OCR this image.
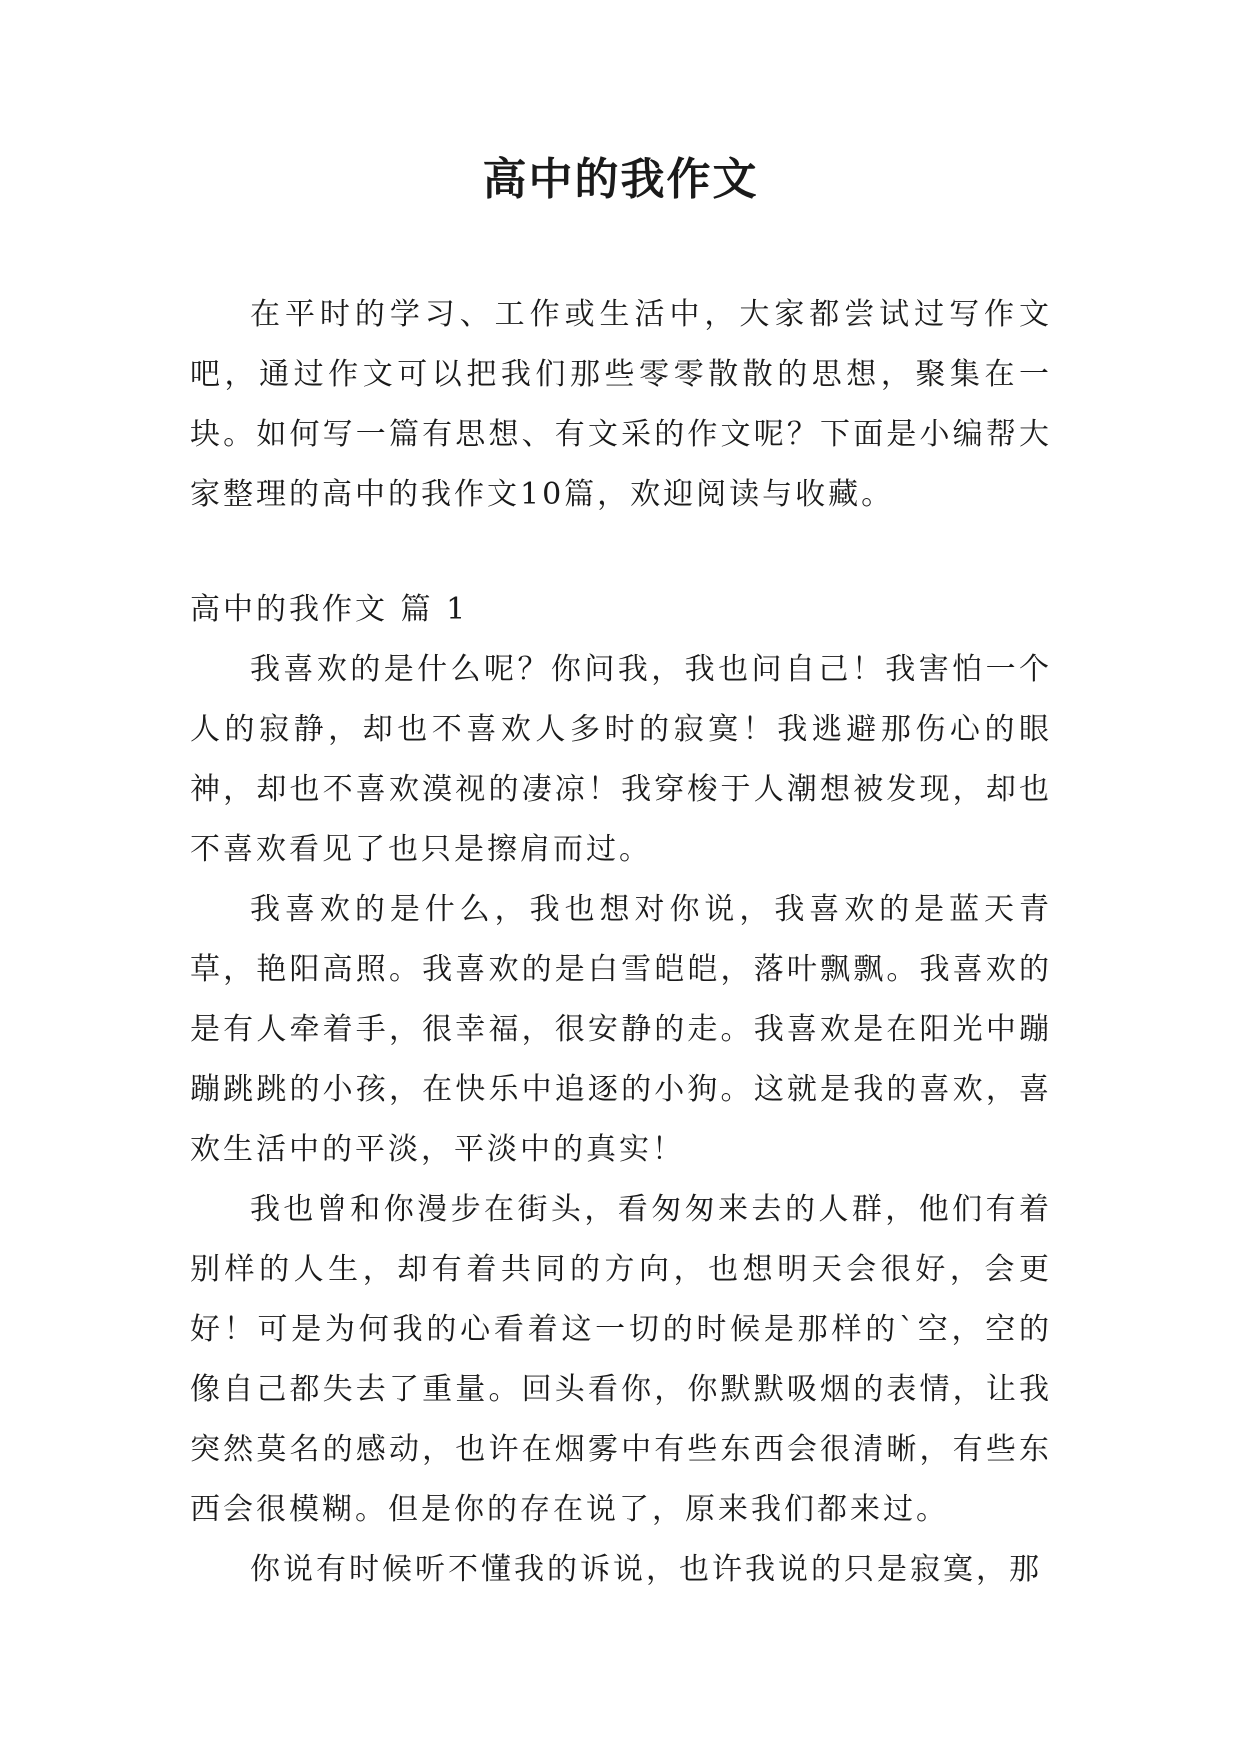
高中的我作文

在平时的学习、工作或生活中，大家都尝试过写作文吧，通过作文可以把我们那些零零散散的思想，聚集在一块。如何写一篇有思想、有文采的作文呢？下面是小编帮大家整理的高中的我作文10篇，欢迎阅读与收藏。

高中的我作文 篇 1

我喜欢的是什么呢？你问我，我也问自己！我害怕一个人的寂静，却也不喜欢人多时的寂寞！我逃避那伤心的眼神，却也不喜欢漠视的凄凉！我穿梭于人潮想被发现，却也不喜欢看见了也只是擦肩而过。

我喜欢的是什么，我也想对你说，我喜欢的是蓝天青草，艳阳高照。我喜欢的是白雪皑皑，落叶飘飘。我喜欢的是有人牵着手，很幸福，很安静的走。我喜欢是在阳光中蹦蹦跳跳的小孩，在快乐中追逐的小狗。这就是我的喜欢，喜欢生活中的平淡，平淡中的真实！

我也曾和你漫步在街头，看匆匆来去的人群，他们有着别样的人生，却有着共同的方向，也想明天会很好，会更好！可是为何我的心看着这一切的时候是那样的`空，空的像自己都失去了重量。回头看你，你默默吸烟的表情，让我突然莫名的感动，也许在烟雾中有些东西会很清晰，有些东西会很模糊。但是你的存在说了，原来我们都来过。

你说有时候听不懂我的诉说，也许我说的只是寂寞，那
